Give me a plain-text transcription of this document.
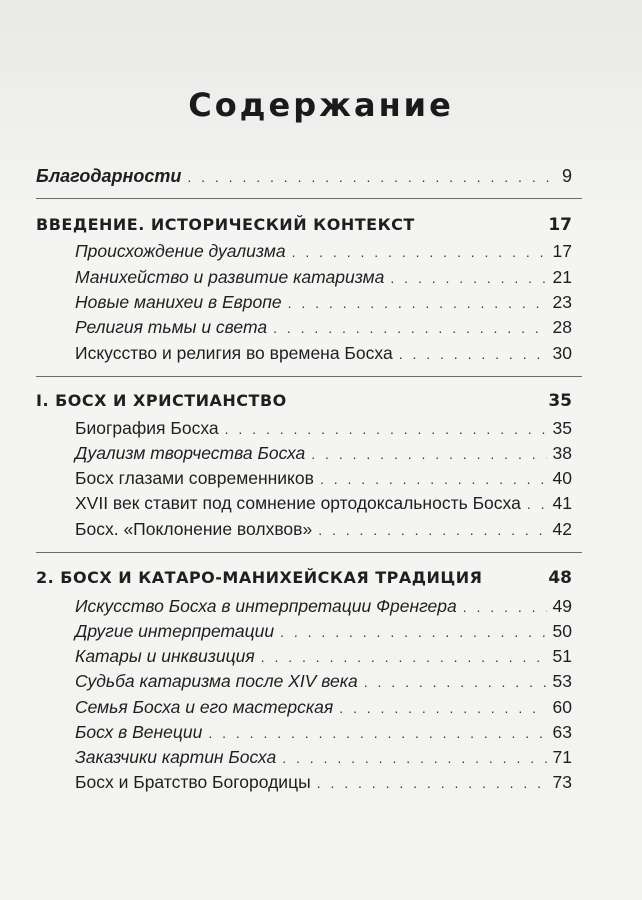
Содержание
Благодарности . . .	9
ВВЕДЕНИЕ. ИСТОРИЧЕСКИЙ КОНТЕКСТ	17
Происхождение дуализма . . .	17
Манихейство и развитие катаризма . . .	21
Новые манихеи в Европе . . .	23
Религия тьмы и света . . .	28
Искусство и религия во времена Босха . . .	30
I. БОСХ И ХРИСТИАНСТВО	35
Биография Босха . . .	35
Дуализм творчества Босха . . .	38
Босх глазами современников . . .	40
XVII век ставит под сомнение ортодоксальность Босха . . . 41
Босх. «Поклонение волхвов» . . .	42
2. БОСХ И КАТАРО-МАНИХЕЙСКАЯ ТРАДИЦИЯ	48
Искусство Босха в интерпретации Френгера . . .	49
Другие интерпретации . . .	50
Катары и инквизиция . . .	51
Судьба катаризма после XIV века . . .	53
Семья Босха и его мастерская . . .	60
Босх в Венеции . . .	63
Заказчики картин Босха . . .	71
Босх и Братство Богородицы . . .	73
